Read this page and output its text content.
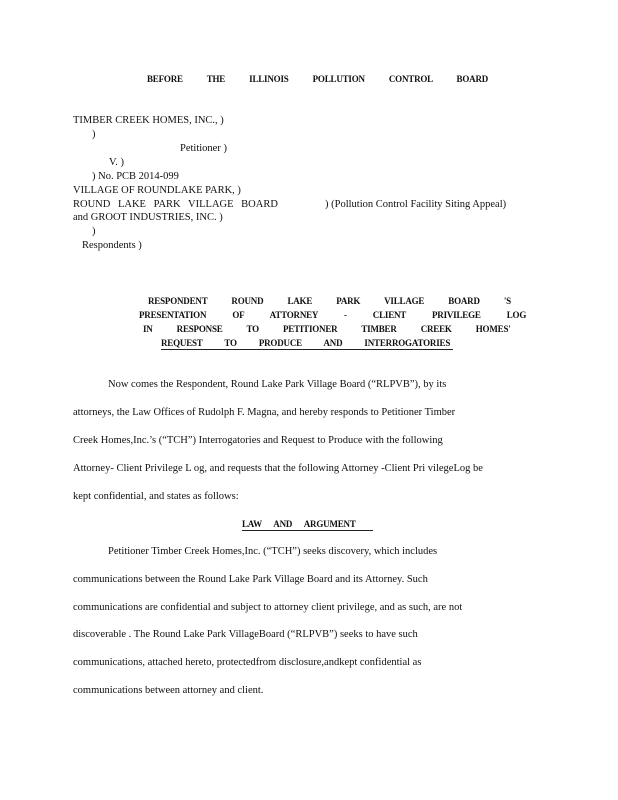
BEFORE THE ILLINOIS POLLUTION CONTROL BOARD
TIMBER CREEK HOMES, INC., )
)
Petitioner )
V. )
) No. PCB 2014-099
VILLAGE OF ROUNDLAKE PARK, )
ROUND LAKE PARK VILLAGE BOARD	) (Pollution Control Facility Siting Appeal)
and GROOT INDUSTRIES, INC. )
)
Respondents )
RESPONDENT ROUND LAKE PARK VILLAGE BOARD 'S
PRESENTATION OF ATTORNEY - CLIENT PRIVILEGE LOG
IN RESPONSE TO PETITIONER TIMBER CREEK HOMES'
REQUEST TO PRODUCE AND INTERROGATORIES
Now comes the Respondent, Round Lake Park Village Board (“RLPVB”), by its
attorneys, the Law Offices of Rudolph F. Magna, and hereby responds to Petitioner Timber
Creek Homes,Inc.’s (“TCH”) Interrogatories and Request to Produce with the following
Attorney- Client Privilege L og, and requests that the following Attorney -Client Pri vilegeLog be
kept confidential, and states as follows:
LAW AND ARGUMENT
Petitioner Timber Creek Homes,Inc. (“TCH”) seeks discovery, which includes
communications between the Round Lake Park Village Board and its Attorney. Such
communications are confidential and subject to attorney client privilege, and as such, are not
discoverable . The Round Lake Park VillageBoard (“RLPVB”) seeks to have such
communications, attached hereto, protectedfrom disclosure,andkept confidential as
communications between attorney and client.
